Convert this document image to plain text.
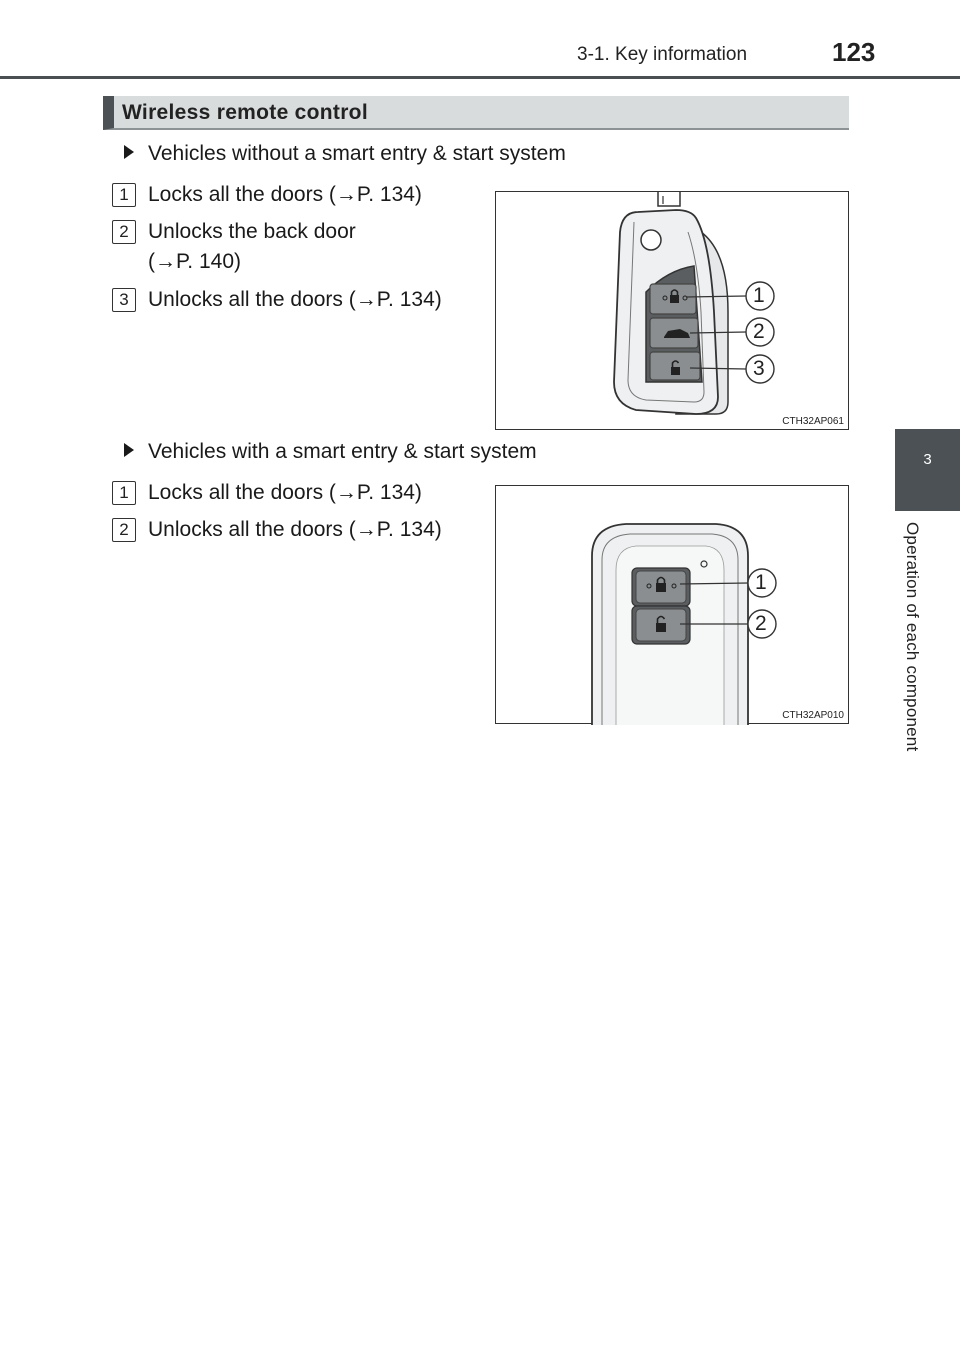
3-1. Key information	123
3
Operation of each component
Wireless remote control
Vehicles without a smart entry & start system
1 Locks all the doors (→P. 134)
2 Unlocks the back door
(→P. 140)
3 Unlocks all the doors (→P. 134)	1
2
3
CTH32AP061
Vehicles with a smart entry & start system
1 Locks all the doors (→P. 134)
2 Unlocks all the doors (→P. 134)
1
2
CTH32AP010
